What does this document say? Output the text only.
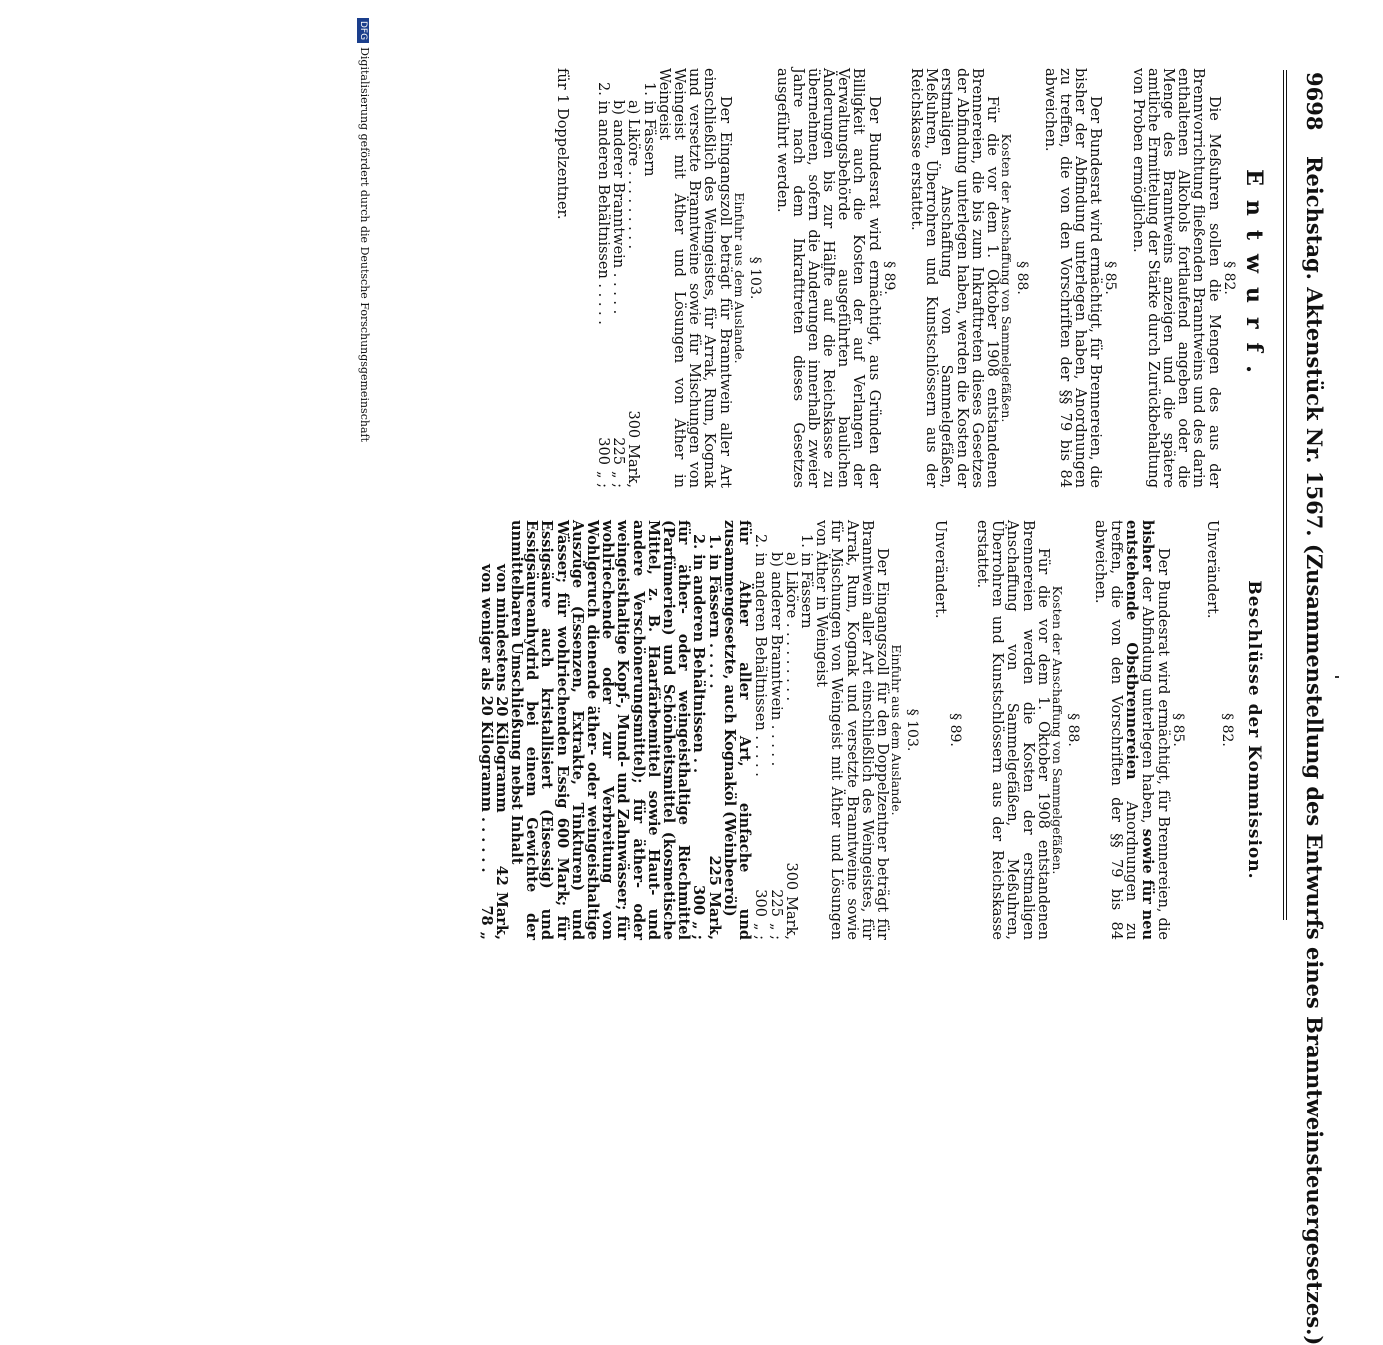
9698
Reichstag. Aktenstück Nr. 1567. (Zusammenstellung des Entwurfs eines Branntweinsteuergesetzes.)
Entwurf.
§ 82.

Die Meßuhren sollen die Mengen des aus der Brennvorrichtung fließenden Branntweins und des darin enthaltenen Alkohols fortlaufend angeben oder die Menge des Branntweins anzeigen und die spätere amtliche Ermittelung der Stärke durch Zurückbehaltung von Proben ermöglichen.

§ 85.

Der Bundesrat wird ermächtigt, für Brennereien, die bisher der Abfindung unterlegen haben, Anordnungen zu treffen, die von den Vorschriften der §§ 79 bis 84 abweichen.

§ 88.
Kosten der Anschaffung von Sammelgefäßen.

Für die vor dem 1. Oktober 1908 entstandenen Brennereien, die bis zum Inkrafttreten dieses Gesetzes der Abfindung unterlegen haben, werden die Kosten der erstmaligen Anschaffung von Sammelgefäßen, Meßuhren, Überrohren und Kunstschlössern aus der Reichskasse erstattet.

§ 89.

Der Bundesrat wird ermächtigt, aus Gründen der Billigkeit auch die Kosten der auf Verlangen der Verwaltungsbehörde ausgeführten baulichen Änderungen bis zur Hälfte auf die Reichskasse zu übernehmen, sofern die Änderungen innerhalb zweier Jahre nach dem Inkrafttreten dieses Gesetzes ausgeführt werden.

§ 103.
Einfuhr aus dem Auslande.

Der Eingangszoll beträgt für Branntwein aller Art einschließlich des Weingeistes, für Arrak, Rum, Kognak und versetzte Branntweine sowie für Mischungen von Weingeist mit Äther und Lösungen von Äther in Weingeist

1. in Fässern
a) Liköre . . . . . . . . .
300Mark,
b) anderer Branntwein . . . . .
225„ ;
2. in anderen Behältnissen . . . . .
300„ ;
für 1 Doppelzentner.
Beschlüsse der Kommission.
§ 82.
Unverändert.
§ 85.

Der Bundesrat wird ermächtigt, für Brennereien, die bisher der Abfindung unterlegen haben, sowie für neu entstehende Obstbrennereien Anordnungen zu treffen, die von den Vorschriften der §§ 79 bis 84 abweichen.

§ 88.
Kosten der Anschaffung von Sammelgefäßen.

Für die vor dem 1. Oktober 1908 entstandenen Brennereien werden die Kosten der erstmaligen Anschaffung von Sammelgefäßen, Meßuhren, Überrohren und Kunstschlössern aus der Reichskasse erstattet.

§ 89.
Unverändert.
§ 103.
Einfuhr aus dem Auslande.

Der Eingangszoll für den Doppelzentner beträgt für Branntwein aller Art einschließlich des Weingeistes, für Arrak, Rum, Kognak und versetzte Branntweine sowie für Mischungen von Weingeist mit Äther und Lösungen von Äther in Weingeist

1. in Fässern
a) Liköre . . . . . . . . .
300Mark,
b) anderer Branntwein . . . . .
225„ ;
2. in anderen Behältnissen . . . . .
300„ ;

für Äther aller Art, einfache und zusammengesetzte, auch Kognaköl (Weinbeeröl)

1. in Fässern . . . . .
225Mark,
2. in anderen Behältnissen . .
300„ ;

für äther- oder weingeisthaltige Riechmittel (Parfümerien) und Schönheitsmittel (kosmetische Mittel, z. B. Haarfärbemittel sowie Haut- und andere Verschönerungsmittel); für äther- oder weingeisthaltige Kopf-, Mund- und Zahnwässer; für wohlriechende oder zur Verbreitung von Wohlgeruch dienende äther- oder weingeisthaltige Auszüge (Essenzen, Extrakte, Tinkturen) und Wässer; für wohlriechenden Essig 600 Mark; für Essigsäure auch kristallisiert (Eisessig) und Essigsäureanhydrid bei einem Gewichte der unmittelbaren Umschließung nebst Inhalt

von mindestens 20 Kilogramm
42Mark,
von weniger als 20 Kilogramm . . . . . .
78„
DFGDigitalisierung gefördert durch die Deutsche Forschungsgemeinschaft
